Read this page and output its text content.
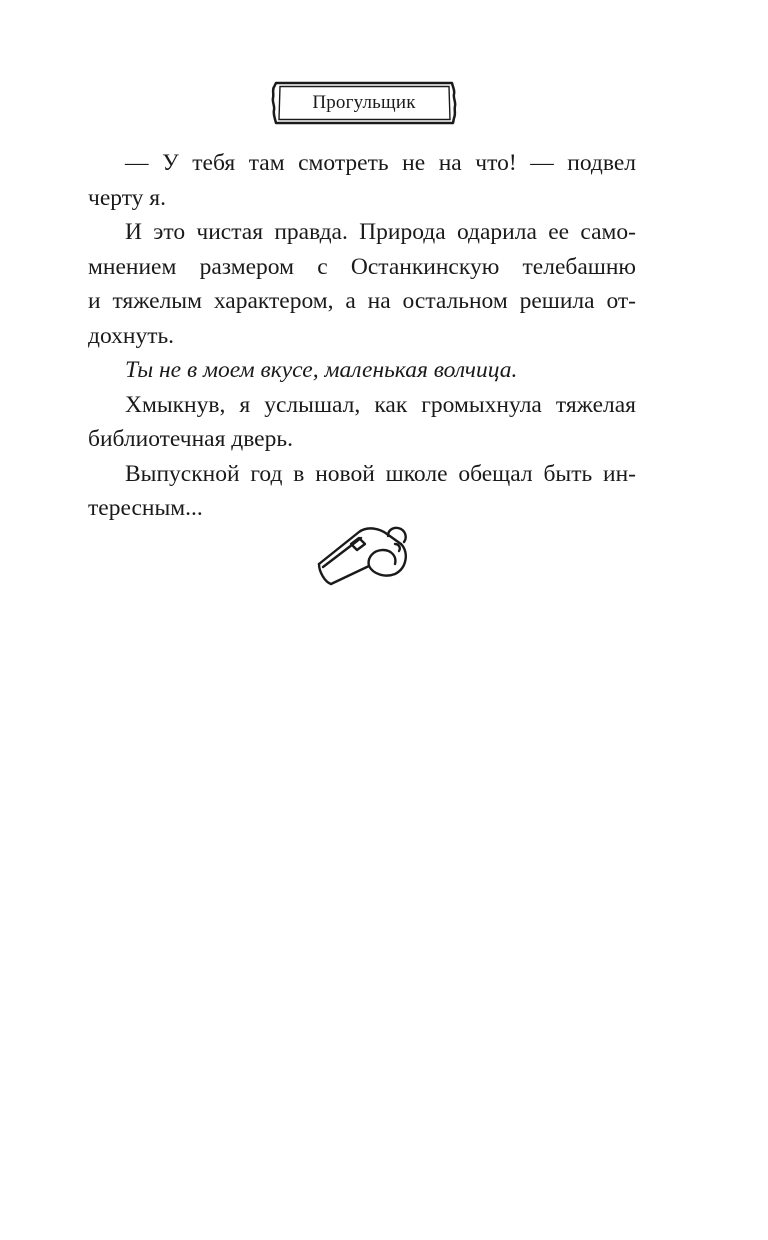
Прогульщик
— У тебя там смотреть не на что! — подвел
черту я.
И это чистая правда. Природа одарила ее само-
мнением размером с Останкинскую телебашню
и тяжелым характером, а на остальном решила от-
дохнуть.
Ты не в моем вкусе, маленькая волчица.
Хмыкнув, я услышал, как громыхнула тяжелая
библиотечная дверь.
Выпускной год в новой школе обещал быть ин-
тересным...
